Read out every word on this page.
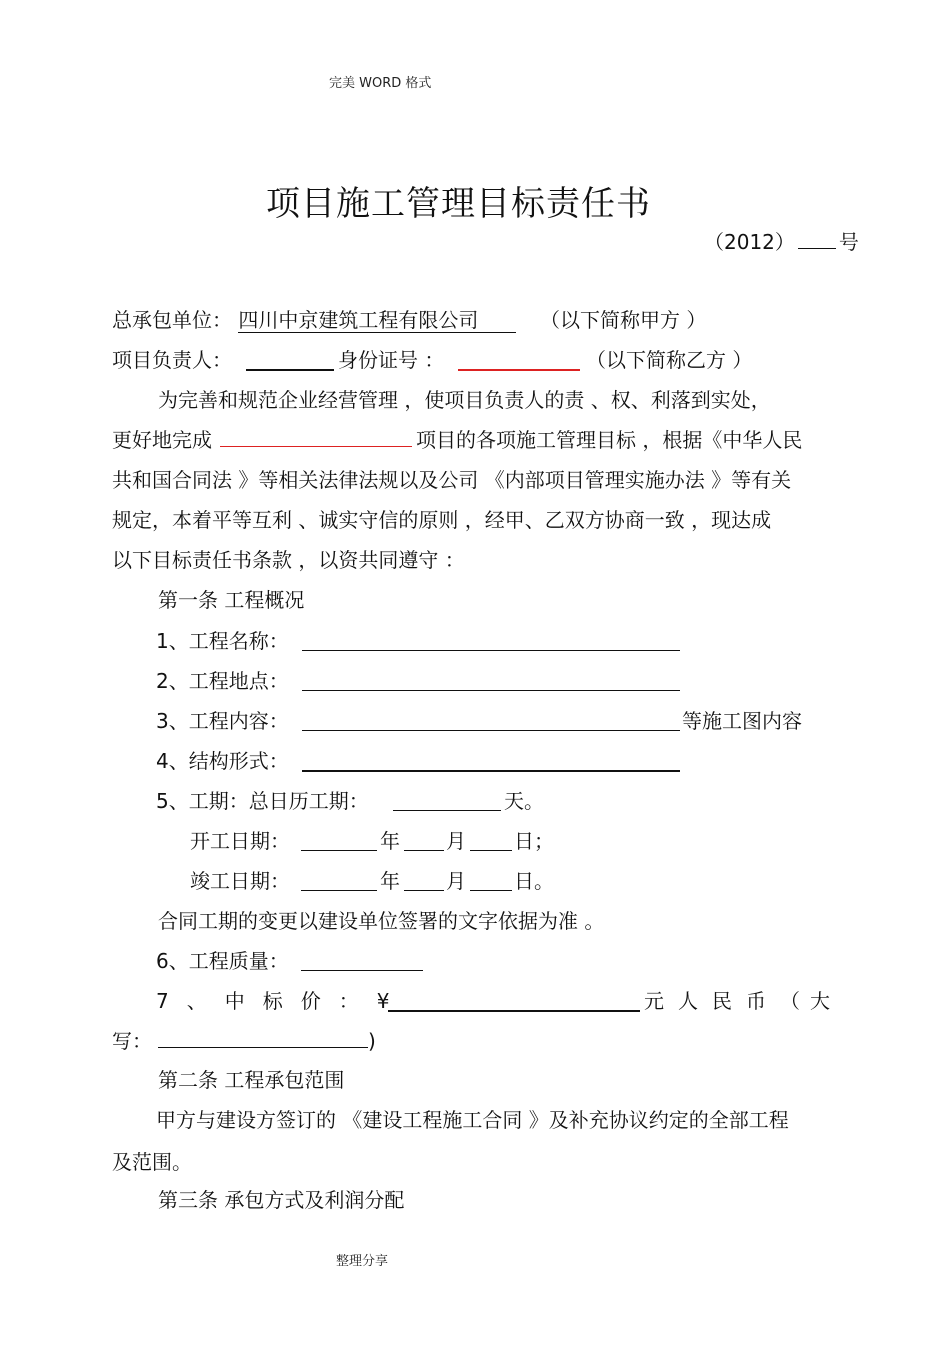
完美 WORD 格式
整理分享
项目施工管理目标责任书
（2012） 号
总承包单位： 四川中京建筑工程有限公司	（以下简称甲方 ）
项目负责人：	身份证号 ：	（以下简称乙方 ）
为完善和规范企业经营管理 ，使项目负责人的责 、权、利落到实处，
更好地完成	项目的各项施工管理目标 ，根据《中华人民
共和国合同法 》等相关法律法规以及公司 《内部项目管理实施办法 》等有关
规定，本着平等互利 、诚实守信的原则 ，经甲、乙双方协商一致 ，现达成
以下目标责任书条款 ，以资共同遵守 ：
第一条 工程概况
1、工程名称：
2、工程地点：
3、工程内容：	等施工图内容
4、结构形式：
5、工期：总日历工期：	天。
开工日期：	年 月 日；
竣工日期：	年 月 日。
合同工期的变更以建设单位签署的文字依据为准 。
6、工程质量：
7 、 中 标 价 ： ¥	元 人 民 币 （ 大
写：	)
第二条 工程承包范围
甲方与建设方签订的 《建设工程施工合同 》及补充协议约定的全部工程
及范围。
第三条 承包方式及利润分配
